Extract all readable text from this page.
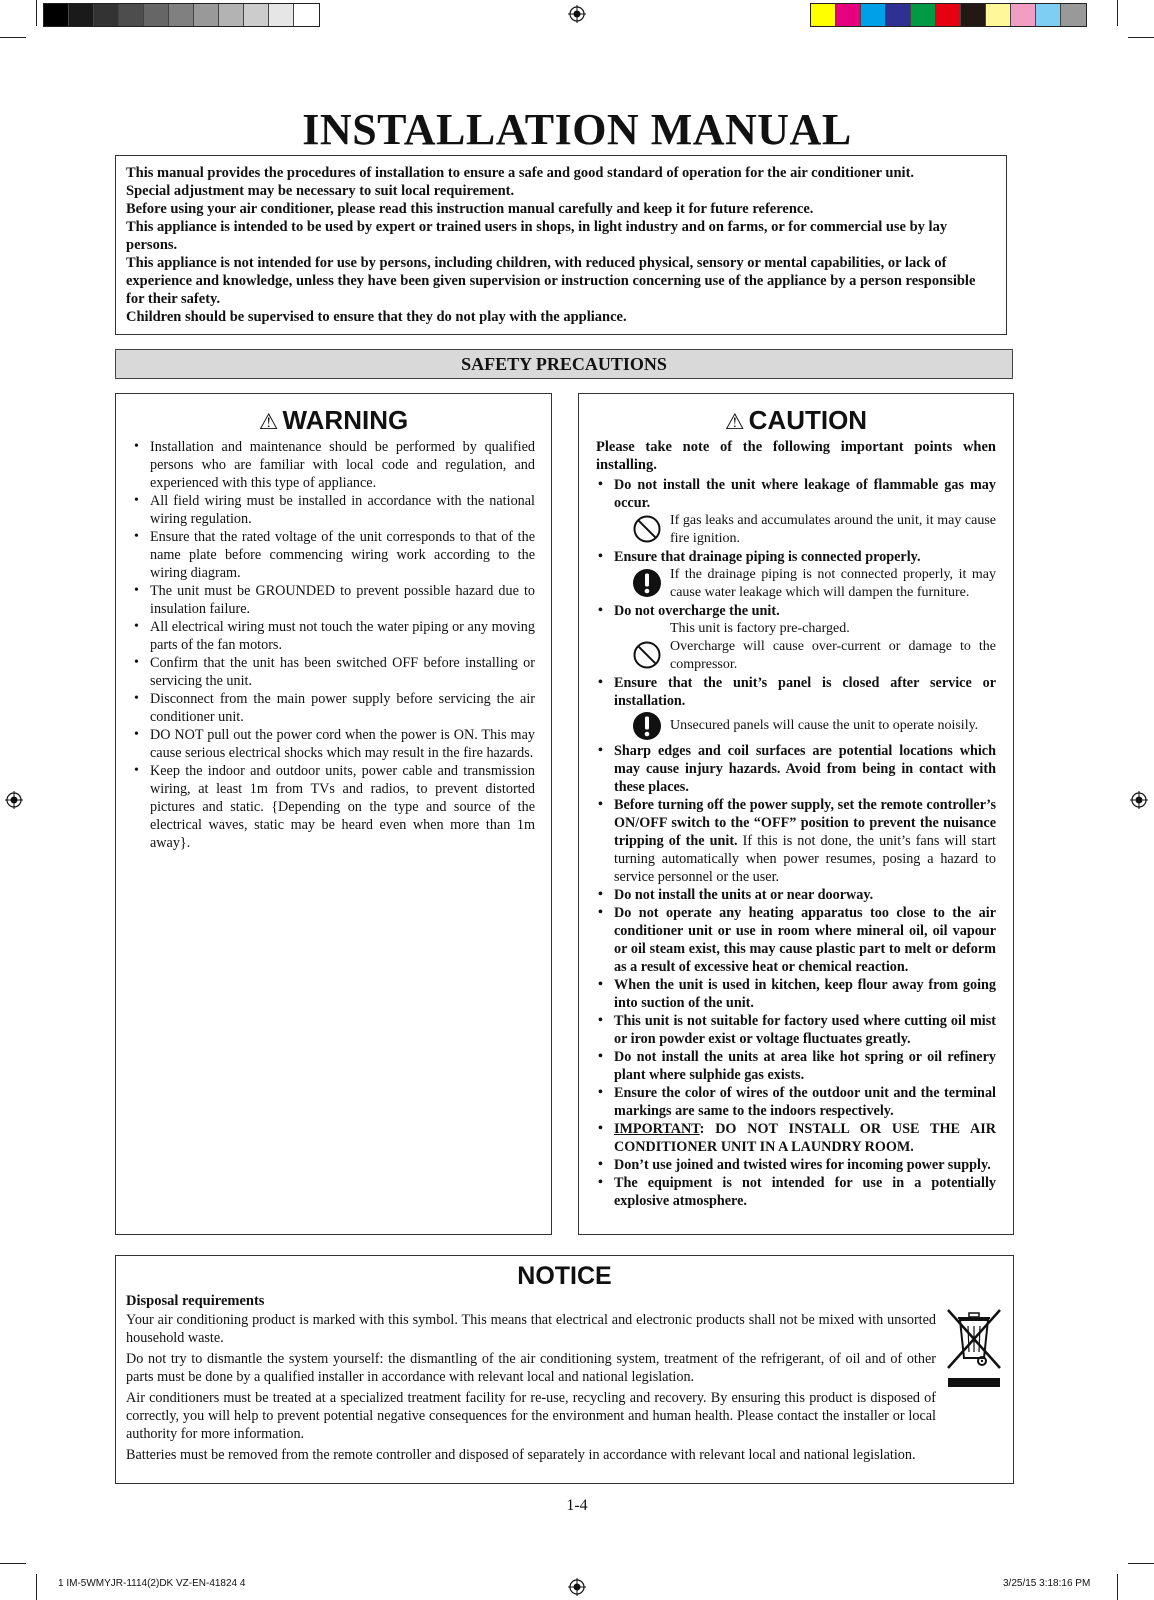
INSTALLATION MANUAL

This manual provides the procedures of installation to ensure a safe and good standard of operation for the air conditioner unit.

Special adjustment may be necessary to suit local requirement.

Before using your air conditioner, please read this instruction manual carefully and keep it for future reference.

This appliance is intended to be used by expert or trained users in shops, in light industry and on farms, or for commercial use by lay persons.

This appliance is not intended for use by persons, including children, with reduced physical, sensory or mental capabilities, or lack of experience and knowledge, unless they have been given supervision or instruction concerning use of the appliance by a person responsible for their safety.

Children should be supervised to ensure that they do not play with the appliance.

SAFETY PRECAUTIONS
⚠ WARNING
• Installation and maintenance should be performed by qualified persons who are familiar with local code and regulation, and experienced with this type of appliance.
• All field wiring must be installed in accordance with the national wiring regulation.
• Ensure that the rated voltage of the unit corresponds to that of the name plate before commencing wiring work according to the wiring diagram.
• The unit must be GROUNDED to prevent possible hazard due to insulation failure.
• All electrical wiring must not touch the water piping or any moving parts of the fan motors.
• Confirm that the unit has been switched OFF before installing or servicing the unit.
• Disconnect from the main power supply before servicing the air conditioner unit.
• DO NOT pull out the power cord when the power is ON. This may cause serious electrical shocks which may result in the fire hazards.
• Keep the indoor and outdoor units, power cable and transmission wiring, at least 1m from TVs and radios, to prevent distorted pictures and static. {Depending on the type and source of the electrical waves, static may be heard even when more than 1m away}.
⚠ CAUTION
Please take note of the following important points when installing.
• Do not install the unit where leakage of flammable gas may occur.
If gas leaks and accumulates around the unit, it may cause fire ignition.
• Ensure that drainage piping is connected properly.
If the drainage piping is not connected properly, it may cause water leakage which will dampen the furniture.
• Do not overcharge the unit.
This unit is factory pre-charged.
Overcharge will cause over-current or damage to the compressor.
• Ensure that the unit’s panel is closed after service or installation.
Unsecured panels will cause the unit to operate noisily.
• Sharp edges and coil surfaces are potential locations which may cause injury hazards. Avoid from being in contact with these places.
• Before turning off the power supply, set the remote controller’s ON/OFF switch to the “OFF” position to prevent the nuisance tripping of the unit. If this is not done, the unit’s fans will start turning automatically when power resumes, posing a hazard to service personnel or the user.
• Do not install the units at or near doorway.
• Do not operate any heating apparatus too close to the air conditioner unit or use in room where mineral oil, oil vapour or oil steam exist, this may cause plastic part to melt or deform as a result of excessive heat or chemical reaction.
• When the unit is used in kitchen, keep flour away from going into suction of the unit.
• This unit is not suitable for factory used where cutting oil mist or iron powder exist or voltage fluctuates greatly.
• Do not install the units at area like hot spring or oil refinery plant where sulphide gas exists.
• Ensure the color of wires of the outdoor unit and the terminal markings are same to the indoors respectively.
• IMPORTANT: DO NOT INSTALL OR USE THE AIR CONDITIONER UNIT IN A LAUNDRY ROOM.
• Don’t use joined and twisted wires for incoming power supply.
• The equipment is not intended for use in a potentially explosive atmosphere.
NOTICE
Disposal requirements

Your air conditioning product is marked with this symbol. This means that electrical and electronic products shall not be mixed with unsorted household waste.

Do not try to dismantle the system yourself: the dismantling of the air conditioning system, treatment of the refrigerant, of oil and of other parts must be done by a qualified installer in accordance with relevant local and national legislation.

Air conditioners must be treated at a specialized treatment facility for re-use, recycling and recovery. By ensuring this product is disposed of correctly, you will help to prevent potential negative consequences for the environment and human health. Please contact the installer or local authority for more information.

Batteries must be removed from the remote controller and disposed of separately in accordance with relevant local and national legislation.

1-4
1 IM-5WMYJR-1114(2)DK VZ-EN-41824 4	3/25/15 3:18:16 PM
